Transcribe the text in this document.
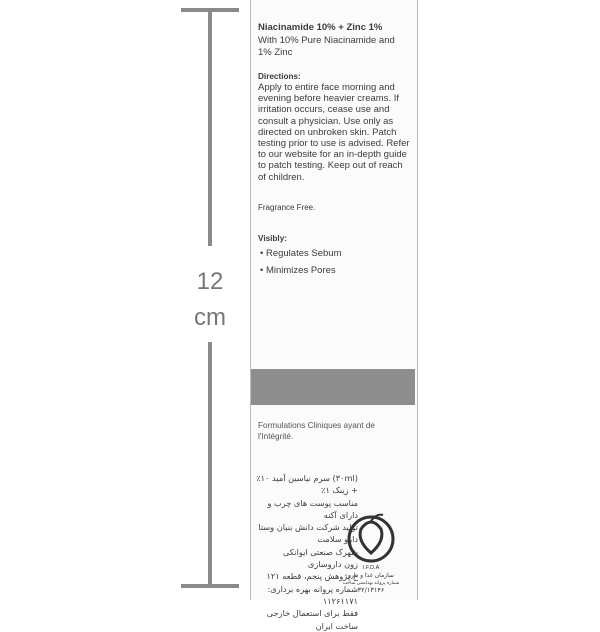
12
cm
Niacinamide 10% + Zinc 1%
With 10% Pure Niacinamide and 1% Zinc
Directions:
Apply to entire face morning and evening before heavier creams. If irritation occurs, cease use and consult a physician. Use only as directed on unbroken skin. Patch testing prior to use is advised. Refer to our website for an in-depth guide to patch testing. Keep out of reach of children.
Fragrance Free.
Visibly:
• Regulates Sebum
• Minimizes Pores
Formulations Cliniques ayant de l'Intégrité.
(۳۰ml) سرم نیاسین آمید ۱۰٪ + زینک ۱٪
مناسب پوست های چرب و دارای آکنه
تولید شرکت دانش بنیان وستا دارو سلامت
شهرک صنعتی ایوانکی
زون داروسازی
خ پژوهش پنجم، قطعه ۱۲۱
شماره پروانه بهره برداری:
۱۱۲۶۱۱۷۱
فقط برای استعمال خارجی
ساخت ایران
I.F.D.A
سازمان غذا و دارو
شماره پروانه بهداشتی ساخت
۳۲/۱۳۱۴۶
